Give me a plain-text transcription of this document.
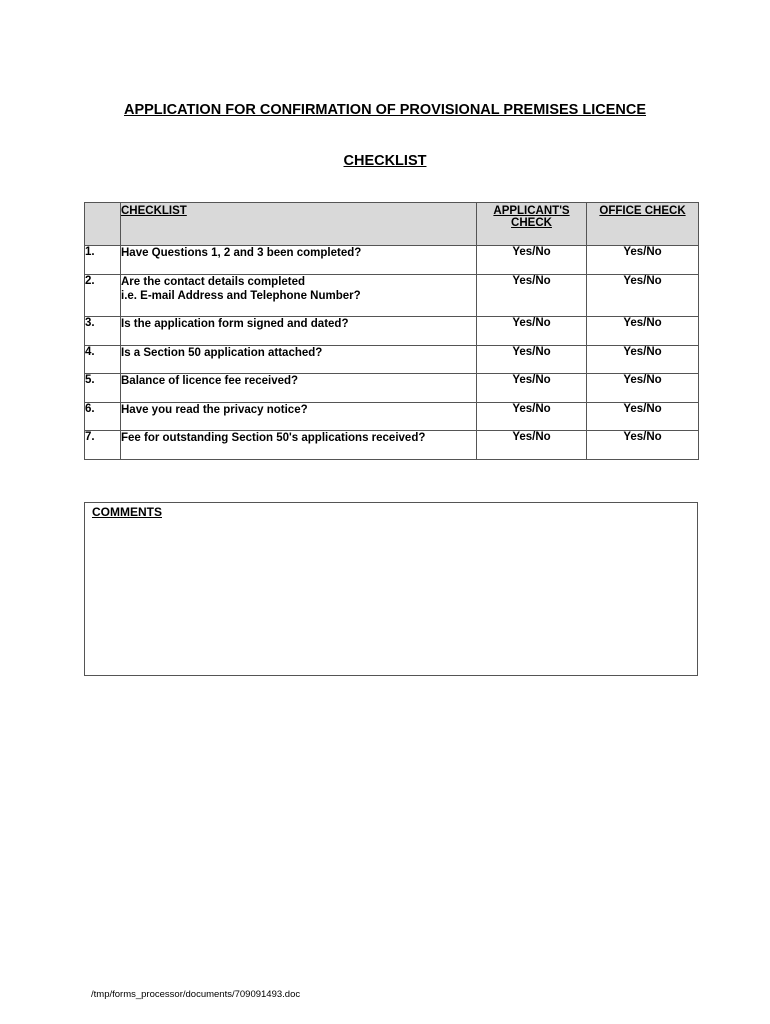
APPLICATION FOR CONFIRMATION OF PROVISIONAL PREMISES LICENCE
CHECKLIST
	CHECKLIST	APPLICANT'S CHECK	OFFICE CHECK
1.	Have Questions 1, 2 and 3 been completed?	Yes/No	Yes/No
2.	Are the contact details completed
i.e. E-mail Address and Telephone Number?	Yes/No	Yes/No
3.	Is the application form signed and dated?	Yes/No	Yes/No
4.	Is a Section 50 application attached?	Yes/No	Yes/No
5.	Balance of licence fee received?	Yes/No	Yes/No
6.	Have you read the privacy notice?	Yes/No	Yes/No
7.	Fee for outstanding Section 50's applications received?	Yes/No	Yes/No
COMMENTS
/tmp/forms_processor/documents/709091493.doc
